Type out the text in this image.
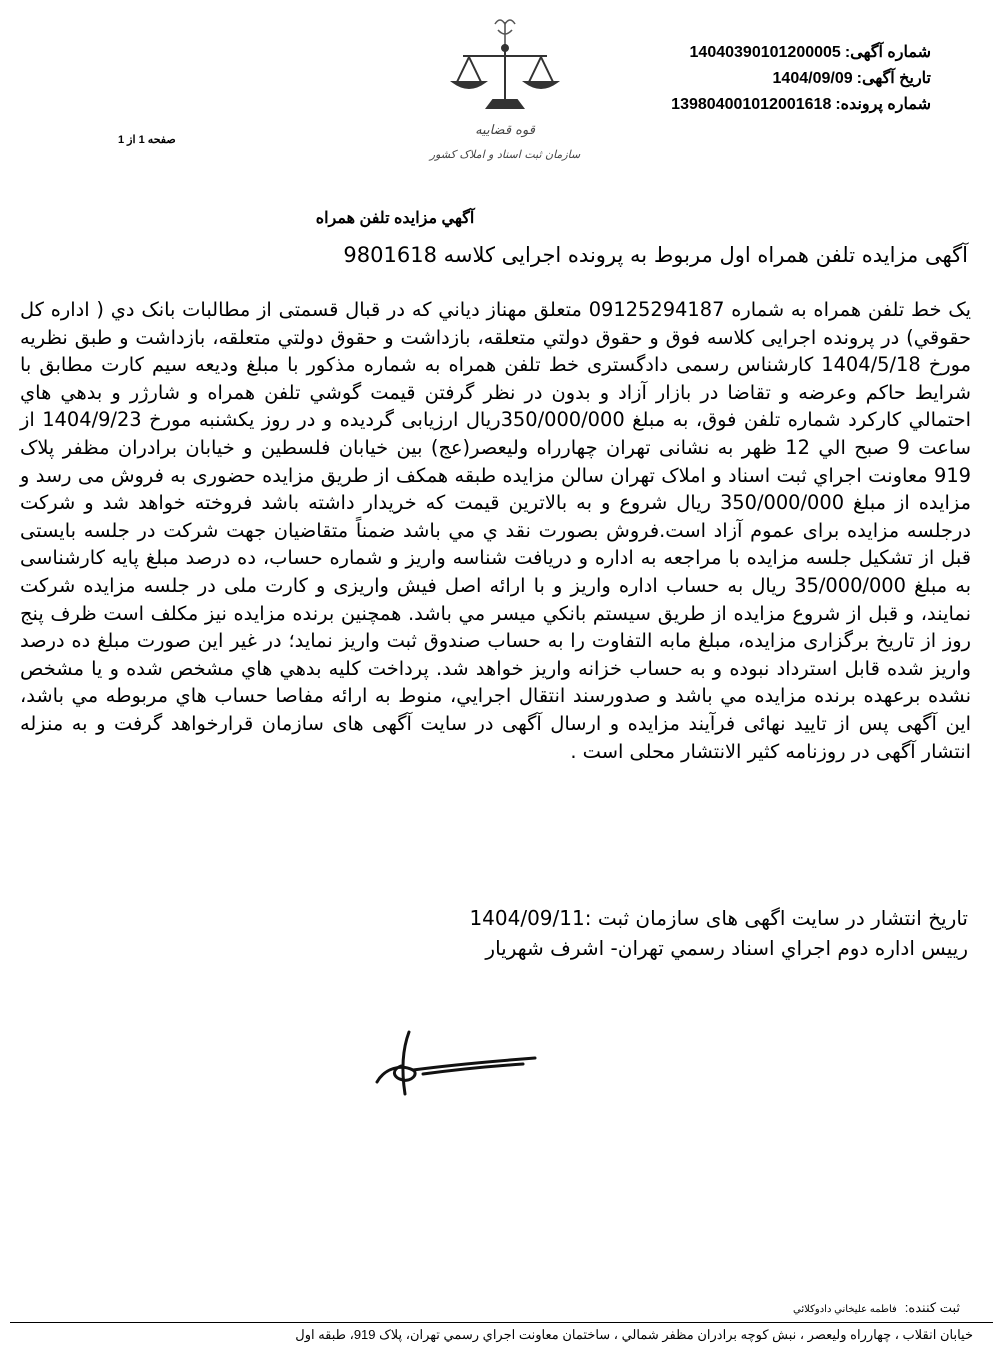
شماره آگهی:14040390101200005
تاریخ آگهی:1404/09/09
شماره پرونده:139804001012001618
قوه قضاییه
سازمان ثبت اسناد و املاک کشور
صفحه 1 از 1
آگهي مزايده تلفن همراه
آگهی مزایده تلفن همراه اول مربوط به پرونده اجرایی کلاسه 9801618
یک خط تلفن همراه به شماره 09125294187 متعلق مهناز دياني که در قبال قسمتی از مطالبات بانک دي ( اداره کل حقوقي) در پرونده اجرایی کلاسه فوق و حقوق دولتي متعلقه، بازداشت و حقوق دولتي متعلقه، بازداشت و طبق نظریه مورخ 1404/5/18 کارشناس رسمی دادگستری خط تلفن همراه به شماره مذکور با مبلغ وديعه سيم کارت مطابق با شرايط حاکم وعرضه و تقاضا در بازار آزاد و بدون در نظر گرفتن قيمت گوشي تلفن همراه و شارژر و بدهي هاي احتمالي کارکرد شماره تلفن فوق، به مبلغ 350/000/000ريال ارزیابی گرديده و در روز یکشنبه مورخ 1404/9/23 از ساعت 9 صبح الي 12 ظهر به نشانی تهران چهارراه وليعصر(عج) بين خيابان فلسطين و خيابان برادران مظفر پلاک 919 معاونت اجراي ثبت اسناد و املاک تهران سالن مزايده طبقه همکف از طريق مزايده حضوری به فروش می رسد و مزایده از مبلغ 350/000/000 ريال شروع و به بالاترين قيمت که خريدار داشته باشد فروخته خواهد شد و شرکت درجلسه مزايده برای عموم آزاد است.فروش بصورت نقد ي مي باشد ضمناً متقاضيان جهت شرکت در جلسه بايستی قبل از تشکيل جلسه مزايده با مراجعه به اداره و دريافت شناسه واريز و شماره حساب، ده درصد مبلغ پايه کارشناسی به مبلغ 35/000/000 ريال به حساب اداره واريز و با ارائه اصل فيش واريزی و کارت ملی در جلسه مزايده شرکت نمايند، و قبل از شروع مزايده از طريق سيستم بانکي ميسر مي باشد. همچنين برنده مزايده نيز مکلف است ظرف پنج روز از تاريخ برگزاری مزايده، مبلغ مابه التفاوت را به حساب صندوق ثبت واريز نمايد؛ در غير اين صورت مبلغ ده درصد واريز شده قابل استرداد نبوده و به حساب خزانه واريز خواهد شد. پرداخت کليه بدهي هاي مشخص شده و يا مشخص نشده برعهده برنده مزايده مي باشد و صدورسند انتقال اجرايي، منوط به ارائه مفاصا حساب هاي مربوطه مي باشد، اين آگهی پس از تاييد نهائی فرآيند مزايده و ارسال آگهی در سايت آگهی های سازمان قرارخواهد گرفت و به منزله انتشار آگهی در روزنامه کثير الانتشار محلی است .
تاریخ انتشار در سایت اگهی های سازمان ثبت :1404/09/11
رييس اداره دوم اجراي اسناد رسمي تهران- اشرف شهريار
ثبت كننده:فاطمه عليخاني دادوكلائي
خيابان انقلاب ، چهارراه وليعصر ، نبش كوچه برادران مظفر شمالي ، ساختمان معاونت اجراي رسمي تهران، پلاک 919، طبقه اول
